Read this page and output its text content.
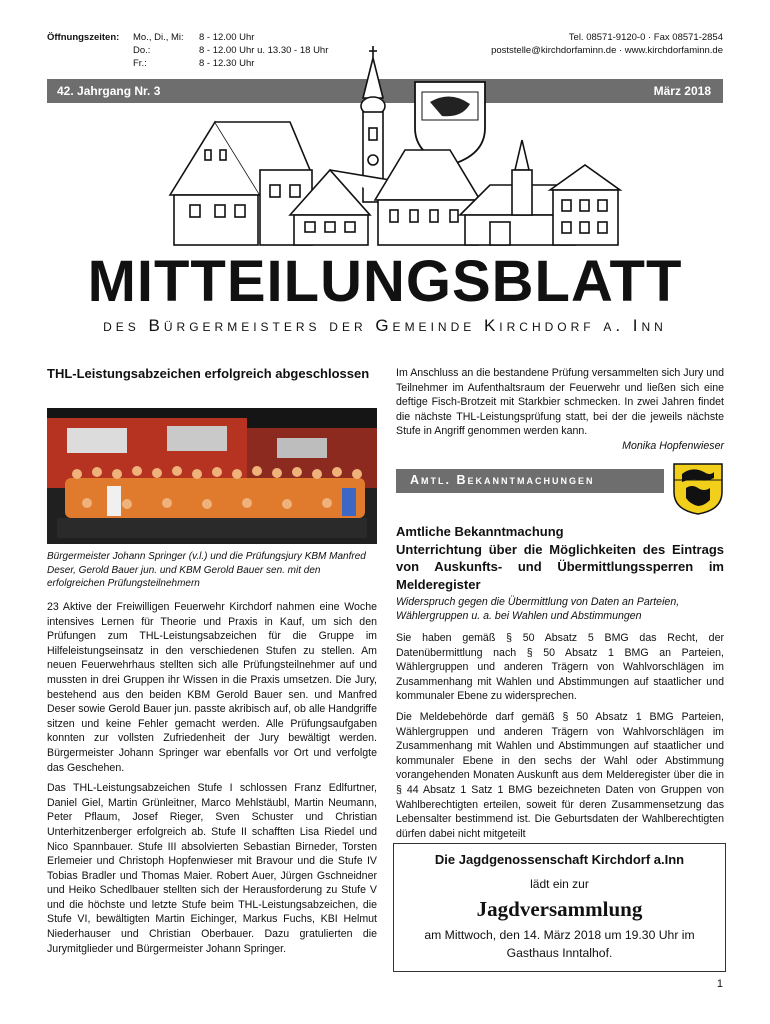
Öffnungszeiten: Mo., Di., Mi: 8 - 12.00 Uhr
Do.:	8 - 12.00 Uhr u. 13.30 - 18 Uhr
Fr.:	8 - 12.30 Uhr
Tel. 08571-9120-0 · Fax 08571-2854
poststelle@kirchdorfaminn.de · www.kirchdorfaminn.de
42. Jahrgang Nr. 3	März 2018
MITTEILUNGSBLATT
des Bürgermeisters der Gemeinde Kirchdorf a. Inn
THL-Leistungsabzeichen erfolgreich abgeschlossen
Bürgermeister Johann Springer (v.l.) und die Prüfungsjury KBM Manfred Deser, Gerold Bauer jun. und KBM Gerold Bauer sen. mit den erfolgreichen Prüfungsteilnehmern

23 Aktive der Freiwilligen Feuerwehr Kirchdorf nahmen eine Woche intensives Lernen für Theorie und Praxis in Kauf, um sich den Prüfungen zum THL-Leistungsabzeichen für die Gruppe im Hilfeleistungseinsatz in den verschiedenen Stufen zu stellen. Am neuen Feuerwehrhaus stellten sich alle Prüfungsteilnehmer auf und mussten in drei Gruppen ihr Wissen in die Praxis umsetzen. Die Jury, bestehend aus den beiden KBM Gerold Bauer sen. und Manfred Deser sowie Gerold Bauer jun. passte akribisch auf, ob alle Handgriffe sitzen und keine Fehler gemacht werden. Alle Prüfungsaufgaben konnten zur vollsten Zufriedenheit der Jury bewältigt werden. Bürgermeister Johann Springer war ebenfalls vor Ort und verfolgte das Geschehen.

Das THL-Leistungsabzeichen Stufe I schlossen Franz Edlfurtner, Daniel Giel, Martin Grünleitner, Marco Mehlstäubl, Martin Neumann, Peter Pflaum, Josef Rieger, Sven Schuster und Christian Unterhitzenberger erfolgreich ab. Stufe II schafften Lisa Riedel und Nico Spannbauer. Stufe III absolvierten Sebastian Birneder, Torsten Erlemeier und Christoph Hopfenwieser mit Bravour und die Stufe IV Tobias Bradler und Thomas Maier. Robert Auer, Jürgen Gschneidner und Heiko Schedlbauer stellten sich der Herausforderung zu Stufe V und die höchste und letzte Stufe beim THL-Leistungsabzeichen, die Stufe VI, bewältigten Martin Eichinger, Markus Fuchs, KBI Helmut Niederhauser und Christian Oberbauer. Dazu gratulierten die Jurymitglieder und Bürgermeister Johann Springer.

Im Anschluss an die bestandene Prüfung versammelten sich Jury und Teilnehmer im Aufenthaltsraum der Feuerwehr und ließen sich eine deftige Fisch-Brotzeit mit Starkbier schmecken. In zwei Jahren findet die nächste THL-Leistungsprüfung statt, bei der die jeweils nächste Stufe in Angriff genommen werden kann.

Monika Hopfenwieser
Amtl. Bekanntmachungen
Amtliche Bekanntmachung
Unterrichtung über die Möglichkeiten des Eintrags von Auskunfts- und Übermittlungssperren im Melderegister
Widerspruch gegen die Übermittlung von Daten an Parteien, Wählergruppen u. a. bei Wahlen und Abstimmungen

Sie haben gemäß § 50 Absatz 5 BMG das Recht, der Datenübermittlung nach § 50 Absatz 1 BMG an Parteien, Wählergruppen und anderen Trägern von Wahlvorschlägen im Zusammenhang mit Wahlen und Abstimmungen auf staatlicher und kommunaler Ebene zu widersprechen.

Die Meldebehörde darf gemäß § 50 Absatz 1 BMG Parteien, Wählergruppen und anderen Trägern von Wahlvorschlägen im Zusammenhang mit Wahlen und Abstimmungen auf staatlicher und kommunaler Ebene in den sechs der Wahl oder Abstimmung vorangehenden Monaten Auskunft aus dem Melderegister über die in § 44 Absatz 1 Satz 1 BMG bezeichneten Daten von Gruppen von Wahlberechtigten erteilen, soweit für deren Zusammensetzung das Lebensalter bestimmend ist. Die Geburtsdaten der Wahlberechtigten dürfen dabei nicht mitgeteilt

Die Jagdgenossenschaft Kirchdorf a.Inn
lädt ein zur
Jagdversammlung
am Mittwoch, den 14. März 2018 um 19.30 Uhr im
Gasthaus Inntalhof.
1
